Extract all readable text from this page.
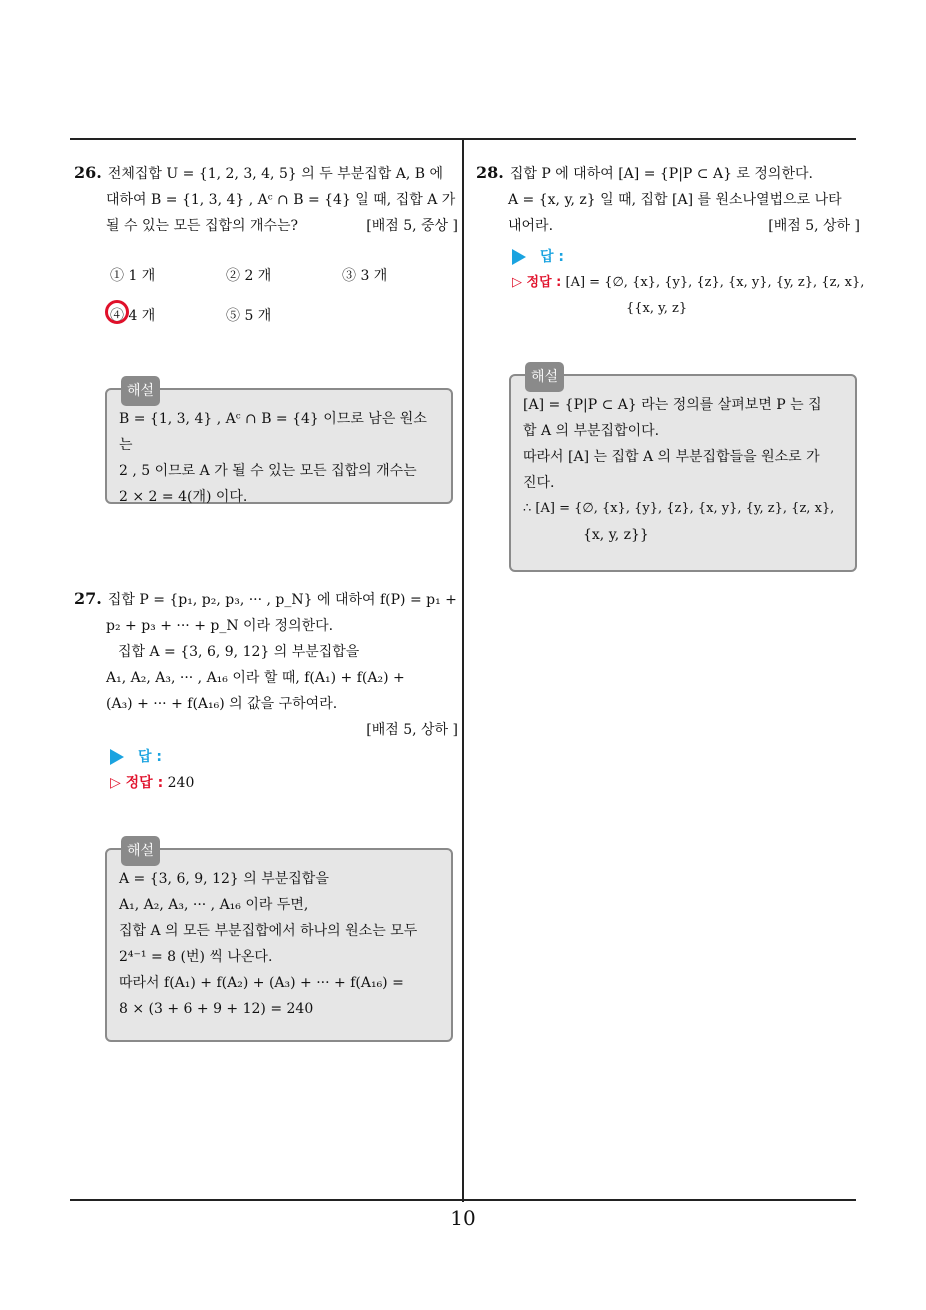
26. 전체집합 U = {1, 2, 3, 4, 5} 의 두 부분집합 A, B 에
대하여 B = {1, 3, 4} , Aᶜ ∩ B = {4} 일 때, 집합 A 가
될 수 있는 모든 집합의 개수는?	[배점 5, 중상 ]
① 1 개	② 2 개	③ 3 개
④ 4 개	⑤ 5 개
해설
B = {1, 3, 4} , Aᶜ ∩ B = {4} 이므로 남은 원소는
2 , 5 이므로 A 가 될 수 있는 모든 집합의 개수는
2 × 2 = 4(개) 이다.
27. 집합 P = {p₁, p₂, p₃, ··· , p_N} 에 대하여 f(P) = p₁ +
p₂ + p₃ + ··· + p_N 이라 정의한다.
집합 A = {3, 6, 9, 12} 의 부분집합을
A₁, A₂, A₃, ··· , A₁₆ 이라 할 때, f(A₁) + f(A₂) +
(A₃) + ··· + f(A₁₆) 의 값을 구하여라.
[배점 5, 상하 ]
답 :
▷ 정답 : 240
해설
A = {3, 6, 9, 12} 의 부분집합을
A₁, A₂, A₃, ··· , A₁₆ 이라 두면,
집합 A 의 모든 부분집합에서 하나의 원소는 모두
2⁴⁻¹ = 8 (번) 씩 나온다.
따라서 f(A₁) + f(A₂) + (A₃) + ··· + f(A₁₆) =
8 × (3 + 6 + 9 + 12) = 240
28. 집합 P 에 대하여 [A] = {P|P ⊂ A} 로 정의한다.
A = {x, y, z} 일 때, 집합 [A] 를 원소나열법으로 나타
내어라.	[배점 5, 상하 ]
답 :
▷ 정답 : [A] = {∅, {x}, {y}, {z}, {x, y}, {y, z}, {z, x},
{{x, y, z}
해설
[A] = {P|P ⊂ A} 라는 정의를 살펴보면 P 는 집
합 A 의 부분집합이다.
따라서 [A] 는 집합 A 의 부분집합들을 원소로 가
진다.
∴ [A] = {∅, {x}, {y}, {z}, {x, y}, {y, z}, {z, x},
{x, y, z}}
10
